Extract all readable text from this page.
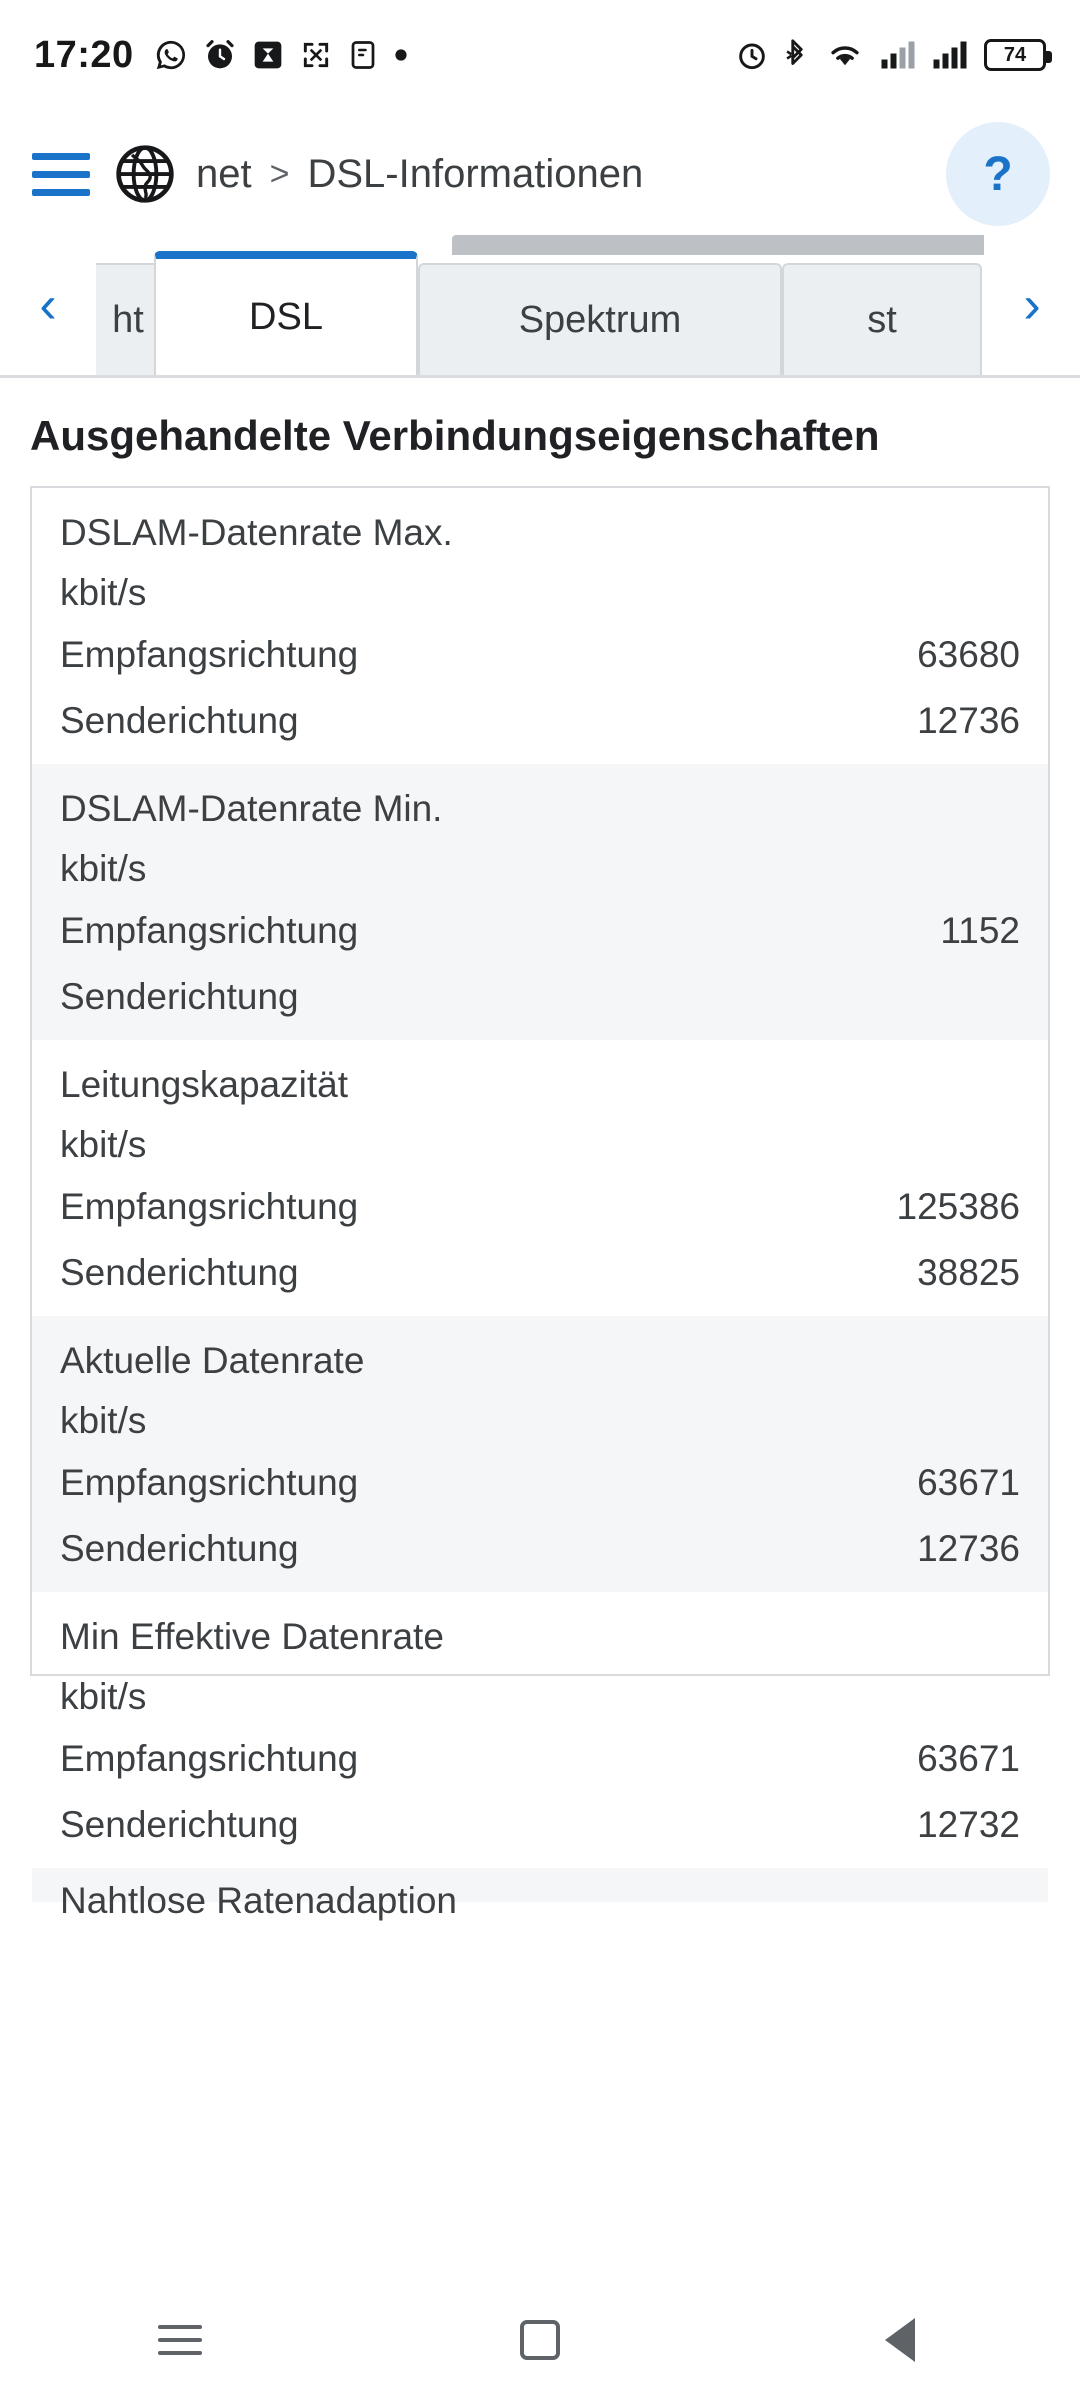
17:20	74
net > DSL-Informationen	?
‹	ht	Spektrum	st
DSL	›
Ausgehandelte Verbindungseigenschaften
DSLAM-Datenrate Max.
kbit/s
Empfangsrichtung	63680
Senderichtung	12736
DSLAM-Datenrate Min.
kbit/s
Empfangsrichtung	1152
Senderichtung
Leitungskapazität
kbit/s
Empfangsrichtung	125386
Senderichtung	38825
Aktuelle Datenrate
kbit/s
Empfangsrichtung	63671
Senderichtung	12736
Min Effektive Datenrate
kbit/s
Empfangsrichtung	63671
Senderichtung	12732
Nahtlose Ratenadaption
